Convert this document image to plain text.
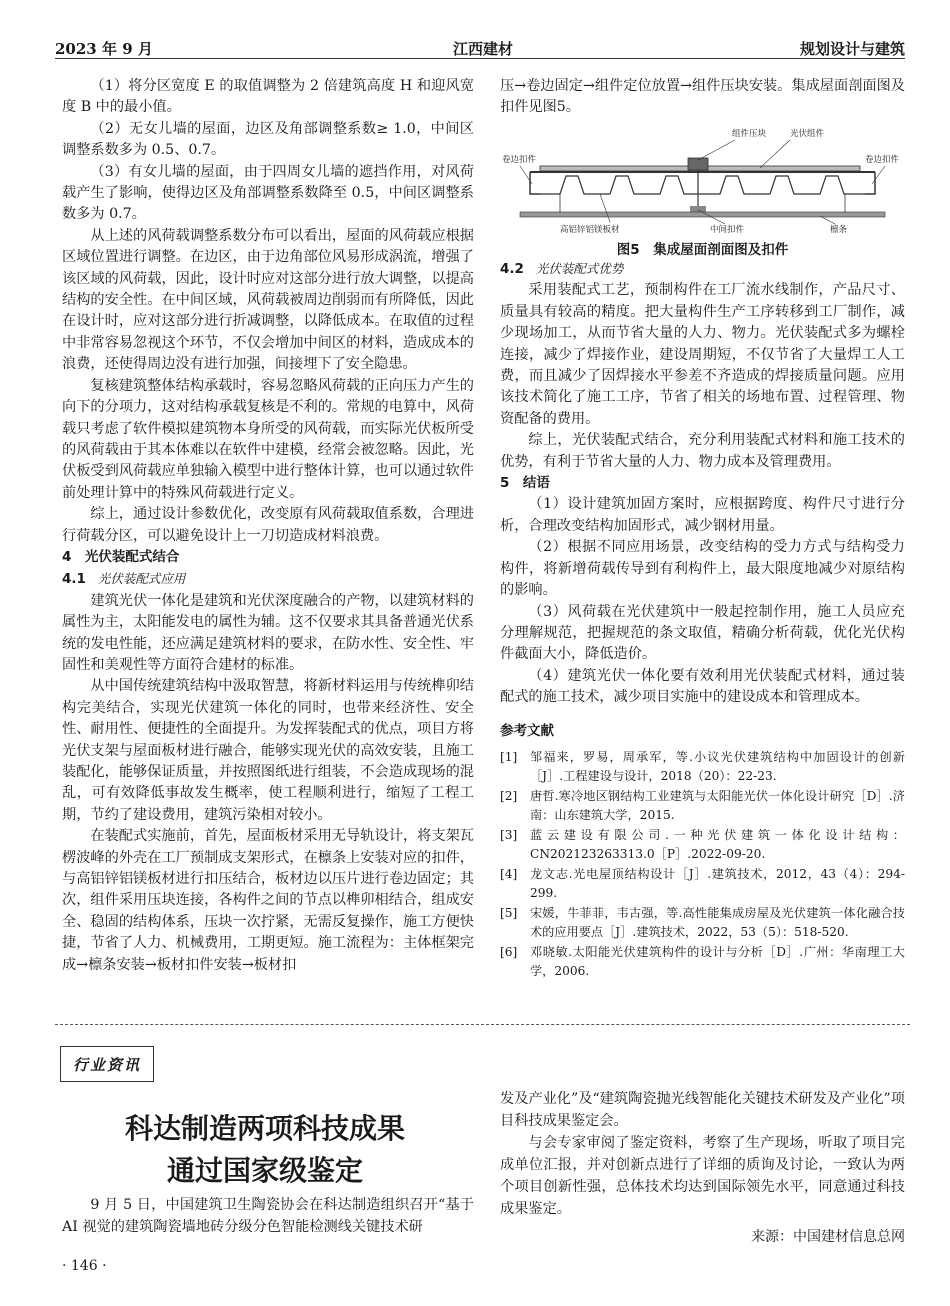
2023 年 9 月	江西建材	规划设计与建筑

（1）将分区宽度 E 的取值调整为 2 倍建筑高度 H 和迎风宽度 B 中的最小值。

（2）无女儿墙的屋面，边区及角部调整系数≥ 1.0，中间区调整系数多为 0.5、0.7。

（3）有女儿墙的屋面，由于四周女儿墙的遮挡作用，对风荷载产生了影响，使得边区及角部调整系数降至 0.5，中间区调整系数多为 0.7。

从上述的风荷载调整系数分布可以看出，屋面的风荷载应根据区域位置进行调整。在边区，由于边角部位风易形成涡流，增强了该区域的风荷载，因此，设计时应对这部分进行放大调整，以提高结构的安全性。在中间区域，风荷载被周边削弱而有所降低，因此在设计时，应对这部分进行折减调整，以降低成本。在取值的过程中非常容易忽视这个环节，不仅会增加中间区的材料，造成成本的浪费，还使得周边没有进行加强，间接埋下了安全隐患。

复核建筑整体结构承载时，容易忽略风荷载的正向压力产生的向下的分项力，这对结构承载复核是不利的。常规的电算中，风荷载只考虑了软件模拟建筑物本身所受的风荷载，而实际光伏板所受的风荷载由于其本体难以在软件中建模，经常会被忽略。因此，光伏板受到风荷载应单独输入模型中进行整体计算，也可以通过软件前处理计算中的特殊风荷载进行定义。

综上，通过设计参数优化，改变原有风荷载取值系数，合理进行荷载分区，可以避免设计上一刀切造成材料浪费。

4　光伏装配式结合

4.1 光伏装配式应用

建筑光伏一体化是建筑和光伏深度融合的产物，以建筑材料的属性为主，太阳能发电的属性为辅。这不仅要求其具备普通光伏系统的发电性能，还应满足建筑材料的要求，在防水性、安全性、牢固性和美观性等方面符合建材的标准。

从中国传统建筑结构中汲取智慧，将新材料运用与传统榫卯结构完美结合，实现光伏建筑一体化的同时，也带来经济性、安全性、耐用性、便捷性的全面提升。为发挥装配式的优点，项目方将光伏支架与屋面板材进行融合，能够实现光伏的高效安装，且施工装配化，能够保证质量，并按照图纸进行组装，不会造成现场的混乱，可有效降低事故发生概率，使工程顺利进行，缩短了工程工期，节约了建设费用，建筑污染相对较小。

在装配式实施前，首先，屋面板材采用无导轨设计，将支架瓦楞波峰的外壳在工厂预制成支架形式，在檩条上安装对应的扣件，与高铝锌铝镁板材进行扣压结合，板材边以压片进行卷边固定；其次，组件采用压块连接，各构件之间的节点以榫卯相结合，组成安全、稳固的结构体系，压块一次拧紧，无需反复操作，施工方便快捷，节省了人力、机械费用，工期更短。施工流程为：主体框架完成→檩条安装→板材扣件安装→板材扣

压→卷边固定→组件定位放置→组件压块安装。集成屋面剖面图及扣件见图5。

组件压块	光伏组件
卷边扣件	卷边扣件
高铝锌铝镁板材	中间扣件	檩条
图5　集成屋面剖面图及扣件

4.2 光伏装配式优势

采用装配式工艺，预制构件在工厂流水线制作，产品尺寸、质量具有较高的精度。把大量构件生产工序转移到工厂制作，减少现场加工，从而节省大量的人力、物力。光伏装配式多为螺栓连接，减少了焊接作业，建设周期短，不仅节省了大量焊工人工费，而且减少了因焊接水平参差不齐造成的焊接质量问题。应用该技术简化了施工工序，节省了相关的场地布置、过程管理、物资配备的费用。

综上，光伏装配式结合，充分利用装配式材料和施工技术的优势，有利于节省大量的人力、物力成本及管理费用。

5　结语

（1）设计建筑加固方案时，应根据跨度、构件尺寸进行分析，合理改变结构加固形式，减少钢材用量。

（2）根据不同应用场景，改变结构的受力方式与结构受力构件，将新增荷载传导到有利构件上，最大限度地减少对原结构的影响。

（3）风荷载在光伏建筑中一般起控制作用，施工人员应充分理解规范，把握规范的条文取值，精确分析荷载，优化光伏构件截面大小，降低造价。

（4）建筑光伏一体化要有效利用光伏装配式材料，通过装配式的施工技术，减少项目实施中的建设成本和管理成本。

参考文献
[1]	邹福来，罗易，周承军，等.小议光伏建筑结构中加固设计的创新［J］.工程建设与设计，2018（20）：22-23.
[2]	唐哲.寒冷地区钢结构工业建筑与太阳能光伏一体化设计研究［D］.济南：山东建筑大学，2015.
[3]	蓝云建设有限公司.一种光伏建筑一体化设计结构：CN202123263313.0［P］.2022-09-20.
[4]	龙文志.光电屋顶结构设计［J］.建筑技术，2012，43（4）：294-299.
[5]	宋媛，牛菲菲，韦古强，等.高性能集成房屋及光伏建筑一体化融合技术的应用要点［J］.建筑技术，2022，53（5）：518-520.
[6]	邓晓敏.太阳能光伏建筑构件的设计与分析［D］.广州：华南理工大学，2006.
行业资讯
科达制造两项科技成果
通过国家级鉴定

9 月 5 日，中国建筑卫生陶瓷协会在科达制造组织召开“基于 AI 视觉的建筑陶瓷墙地砖分级分色智能检测线关键技术研

发及产业化”及“建筑陶瓷抛光线智能化关键技术研发及产业化”项目科技成果鉴定会。

与会专家审阅了鉴定资料，考察了生产现场，听取了项目完成单位汇报，并对创新点进行了详细的质询及讨论，一致认为两个项目创新性强，总体技术均达到国际领先水平，同意通过科技成果鉴定。

来源：中国建材信息总网
· 146 ·
